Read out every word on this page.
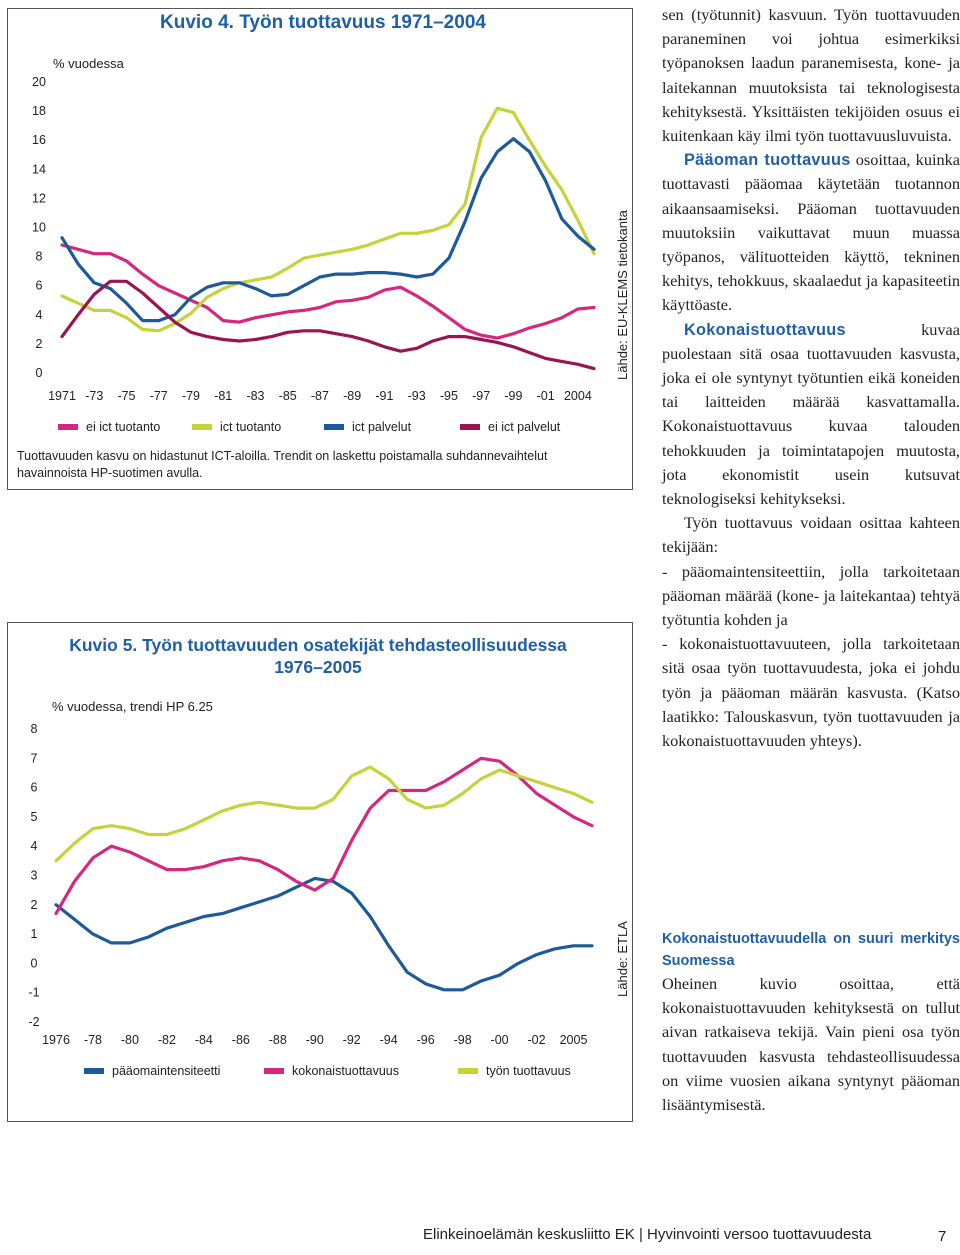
Kuvio 4. Työn tuottavuus 1971–2004
% vuodessa
0
2
4
6
8
10
12
14
16
18
20
1971 -73 -75 -77 -79 -81 -83 -85 -87 -89 -91 -93 -95 -97 -99 -01 2004
Lähde: EU-KLEMS tietokanta
ei ict tuotanto	ict tuotanto	ict palvelut	ei ict palvelut
Tuottavuuden kasvu on hidastunut ICT-aloilla. Trendit on laskettu poistamalla suhdannevaihtelut havainnoista HP-suotimen avulla.
Kuvio 5. Työn tuottavuuden osatekijät tehdasteollisuudessa
1976–2005
% vuodessa, trendi HP 6.25
-2
-1
0
1
2
3
4
5
6
7
8
1976 -78 -80 -82 -84 -86 -88 -90 -92 -94 -96 -98 -00 -02 2005
Lähde: ETLA
pääomaintensiteetti	kokonaistuottavuus	työn tuottavuus

sen (työtunnit) kasvuun. Työn tuottavuuden paraneminen voi johtua esimerkiksi työpanoksen laadun paranemisesta, kone- ja laitekannan muutoksista tai teknologisesta kehityksestä. Yksittäisten tekijöiden osuus ei kuitenkaan käy ilmi työn tuottavuusluvuista.

Pääoman tuottavuus osoittaa, kuinka tuottavasti pääomaa käytetään tuotannon aikaansaamiseksi. Pääoman tuottavuuden muutoksiin vaikuttavat muun muassa työpanos, välituotteiden käyttö, tekninen kehitys, tehokkuus, skaalaedut ja kapasiteetin käyttöaste.

Kokonaistuottavuus kuvaa puolestaan sitä osaa tuottavuuden kasvusta, joka ei ole syntynyt työtuntien eikä koneiden tai laitteiden määrää kasvattamalla. Kokonaistuottavuus kuvaa talouden tehokkuuden ja toimintatapojen muutosta, jota ekonomistit usein kutsuvat teknologiseksi kehitykseksi.

Työn tuottavuus voidaan osittaa kahteen tekijään:

- pääomaintensiteettiin, jolla tarkoitetaan pääoman määrää (kone- ja laitekantaa) tehtyä työtuntia kohden ja

- kokonaistuottavuuteen, jolla tarkoitetaan sitä osaa työn tuottavuudesta, joka ei johdu työn ja pääoman määrän kasvusta. (Katso laatikko: Talouskasvun, työn tuottavuuden ja kokonaistuottavuuden yhteys).

Kokonaistuottavuudella on suuri merkitys Suomessa

Oheinen kuvio osoittaa, että kokonaistuottavuuden kehityksestä on tullut aivan ratkaiseva tekijä. Vain pieni osa työn tuottavuuden kasvusta tehdasteollisuudessa on viime vuosien aikana syntynyt pääoman lisääntymisestä.

Elinkeinoelämän keskusliitto EK | Hyvinvointi versoo tuottavuudesta	7
